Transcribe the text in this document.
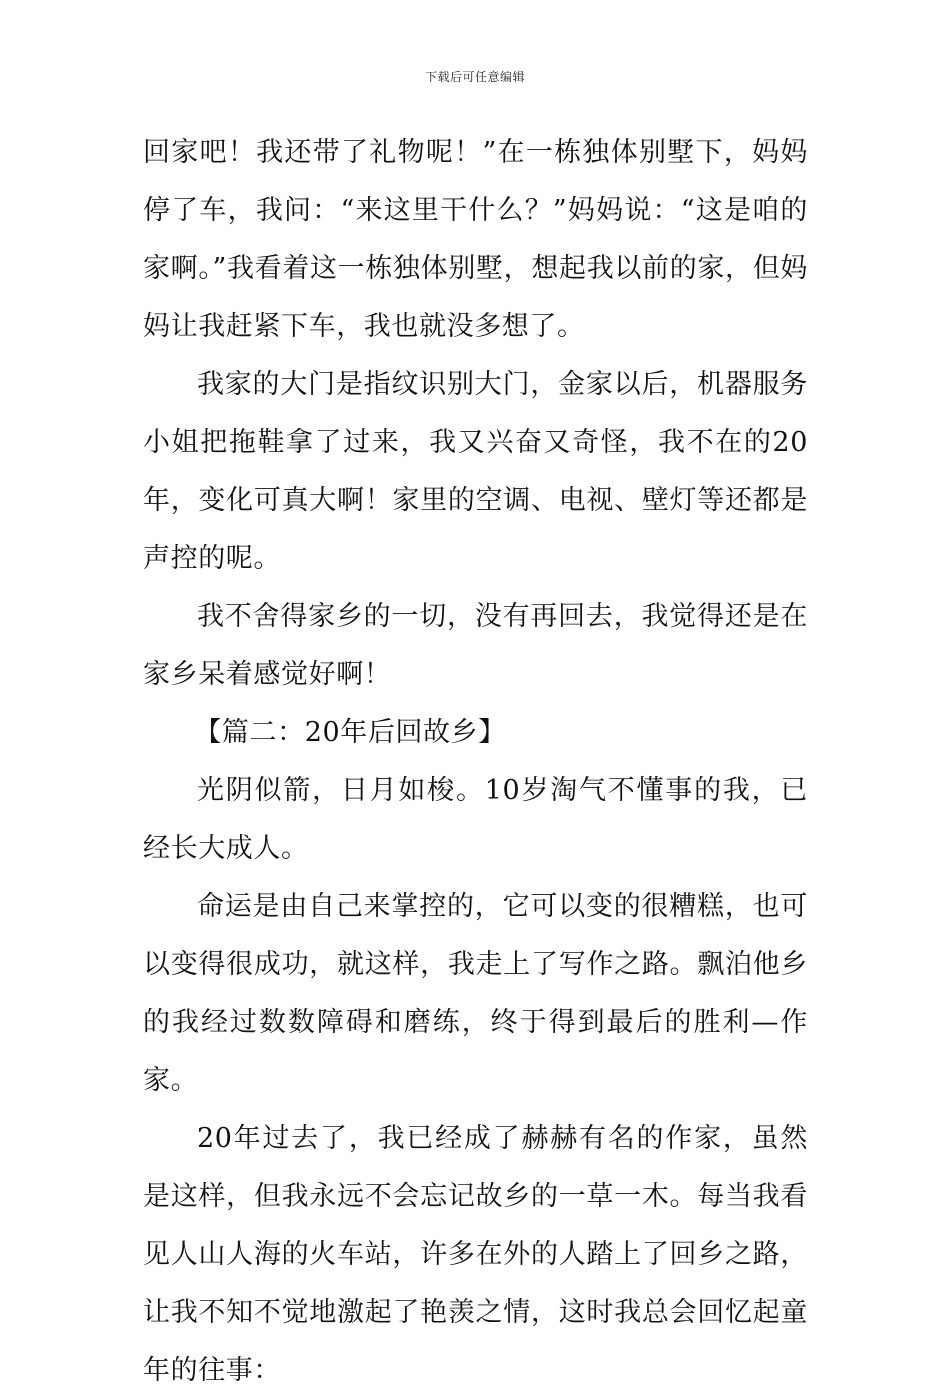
下载后可任意编辑

回家吧！我还带了礼物呢！”在一栋独体别墅下，妈妈停了车，我问：“来这里干什么？”妈妈说：“这是咱的家啊。”我看着这一栋独体别墅，想起我以前的家，但妈妈让我赶紧下车，我也就没多想了。

我家的大门是指纹识别大门，金家以后，机器服务小姐把拖鞋拿了过来，我又兴奋又奇怪，我不在的20年，变化可真大啊！家里的空调、电视、壁灯等还都是声控的呢。

我不舍得家乡的一切，没有再回去，我觉得还是在家乡呆着感觉好啊！

【篇二：20年后回故乡】

光阴似箭，日月如梭。10岁淘气不懂事的我，已经长大成人。

命运是由自己来掌控的，它可以变的很糟糕，也可以变得很成功，就这样，我走上了写作之路。飘泊他乡的我经过数数障碍和磨练，终于得到最后的胜利—作家。

20年过去了，我已经成了赫赫有名的作家，虽然是这样，但我永远不会忘记故乡的一草一木。每当我看见人山人海的火车站，许多在外的人踏上了回乡之路，让我不知不觉地激起了艳羡之情，这时我总会回忆起童年的往事：
